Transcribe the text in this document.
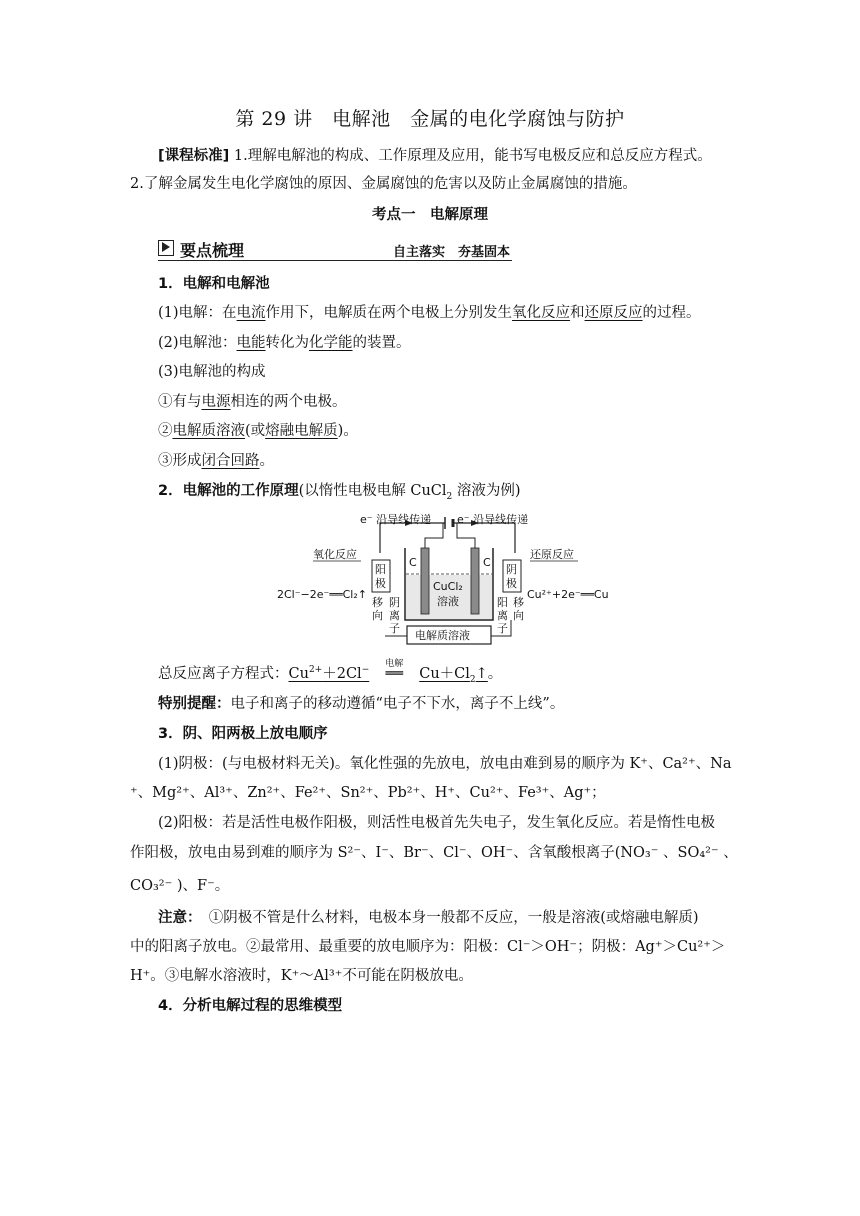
第 29 讲　电解池　金属的电化学腐蚀与防护
[课程标准] 1.理解电解池的构成、工作原理及应用，能书写电极反应和总反应方程式。
2.了解金属发生电化学腐蚀的原因、金属腐蚀的危害以及防止金属腐蚀的措施。
考点一　电解原理
要点梳理	自主落实　夯基固本
1．电解和电解池
(1)电解：在电流作用下，电解质在两个电极上分别发生氧化反应和还原反应的过程。
(2)电解池：电能转化为化学能的装置。
(3)电解池的构成
①有与电源相连的两个电极。
②电解质溶液(或熔融电解质)。
③形成闭合回路。
2．电解池的工作原理(以惰性电极电解 CuCl$_2$ 溶液为例)
e⁻ 沿导线传递 e⁻ 沿导线传递
C	C
CuCl₂
溶液
阳
极
阴
极
氧化反应	还原反应
2Cl⁻−2e⁻══Cl₂↑	Cu²⁺+2e⁻══Cu
移
向
阴
离
子
阳
离
子
移
向
电解质溶液
总反应离子方程式：$Cu^{2+}+2Cl^-$
电解
══ $Cu+Cl_2↑$。
特别提醒：电子和离子的移动遵循“电子不下水，离子不上线”。
3．阴、阳两极上放电顺序
(1)阴极：(与电极材料无关)。氧化性强的先放电，放电由难到易的顺序为 K⁺、Ca²⁺、Na
⁺、Mg²⁺、Al³⁺、Zn²⁺、Fe²⁺、Sn²⁺、Pb²⁺、H⁺、Cu²⁺、Fe³⁺、Ag⁺；
(2)阳极：若是活性电极作阳极，则活性电极首先失电子，发生氧化反应。若是惰性电极
作阳极，放电由易到难的顺序为 S²⁻、I⁻、Br⁻、Cl⁻、OH⁻、含氧酸根离子(NO₃⁻ 、SO₄²⁻ 、
CO₃²⁻ )、F⁻。
注意：　①阴极不管是什么材料，电极本身一般都不反应，一般是溶液(或熔融电解质)
中的阳离子放电。②最常用、最重要的放电顺序为：阳极：Cl⁻＞OH⁻；阴极：Ag⁺＞Cu²⁺＞
H⁺。③电解水溶液时，K⁺～Al³⁺不可能在阴极放电。
4．分析电解过程的思维模型
